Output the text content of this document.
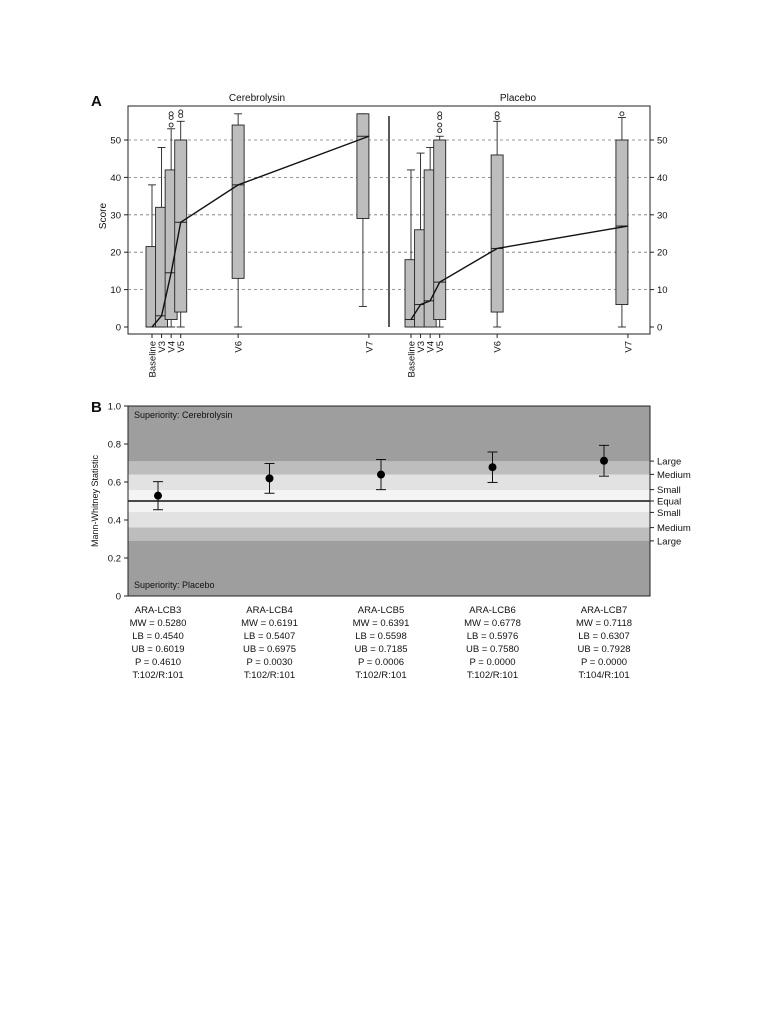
A
Score
Cerebrolysin	Placebo
0	0
10	10
20	20
30	30
40	40
50	50
Baseline
V3
V4
V5	V6	V7	Baseline
V3
V4
V5	V6	V7
B	Superiority: Cerebrolysin
Superiority: Placebo
Mann-Whitney Statistic
0
0.2
0.4
0.6
0.8
1.0
Large
Medium
Small
Equal
Small
Medium
Large
ARA-LCB3
MW = 0.5280
LB = 0.4540
UB = 0.6019
P = 0.4610
T:102/R:101
ARA-LCB4
MW = 0.6191
LB = 0.5407
UB = 0.6975
P = 0.0030
T:102/R:101
ARA-LCB5
MW = 0.6391
LB = 0.5598
UB = 0.7185
P = 0.0006
T:102/R:101
ARA-LCB6
MW = 0.6778
LB = 0.5976
UB = 0.7580
P = 0.0000
T:102/R:101
ARA-LCB7
MW = 0.7118
LB = 0.6307
UB = 0.7928
P = 0.0000
T:104/R:101
